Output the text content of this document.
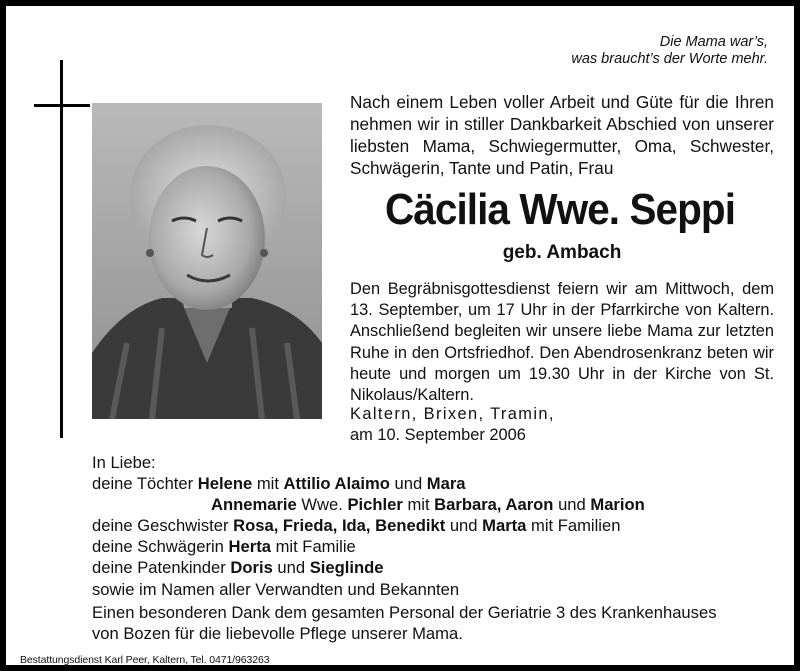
Die Mama war’s,
was braucht’s der Worte mehr.
Nach einem Leben voller Arbeit und Güte für die Ihren nehmen wir in stiller Dankbarkeit Abschied von unserer liebsten Mama, Schwiegermutter, Oma, Schwester, Schwägerin, Tante und Patin, Frau
Cäcilia Wwe. Seppi
geb. Ambach
Den Begräbnisgottesdienst feiern wir am Mittwoch, dem 13. September, um 17 Uhr in der Pfarrkirche von Kaltern. Anschließend begleiten wir unsere liebe Mama zur letzten Ruhe in den Ortsfriedhof. Den Abendrosenkranz beten wir heute und morgen um 19.30 Uhr in der Kirche von St. Nikolaus/Kaltern.
Kaltern, Brixen, Tramin,
am 10. September 2006
In Liebe:
deine Töchter Helene mit Attilio Alaimo und Mara
Annemarie Wwe. Pichler mit Barbara, Aaron und Marion
deine Geschwister Rosa, Frieda, Ida, Benedikt und Marta mit Familien
deine Schwägerin Herta mit Familie
deine Patenkinder Doris und Sieglinde
sowie im Namen aller Verwandten und Bekannten
Einen besonderen Dank dem gesamten Personal der Geriatrie 3 des Krankenhauses
von Bozen für die liebevolle Pflege unserer Mama.
Bestattungsdienst Karl Peer, Kaltern, Tel. 0471/963263
